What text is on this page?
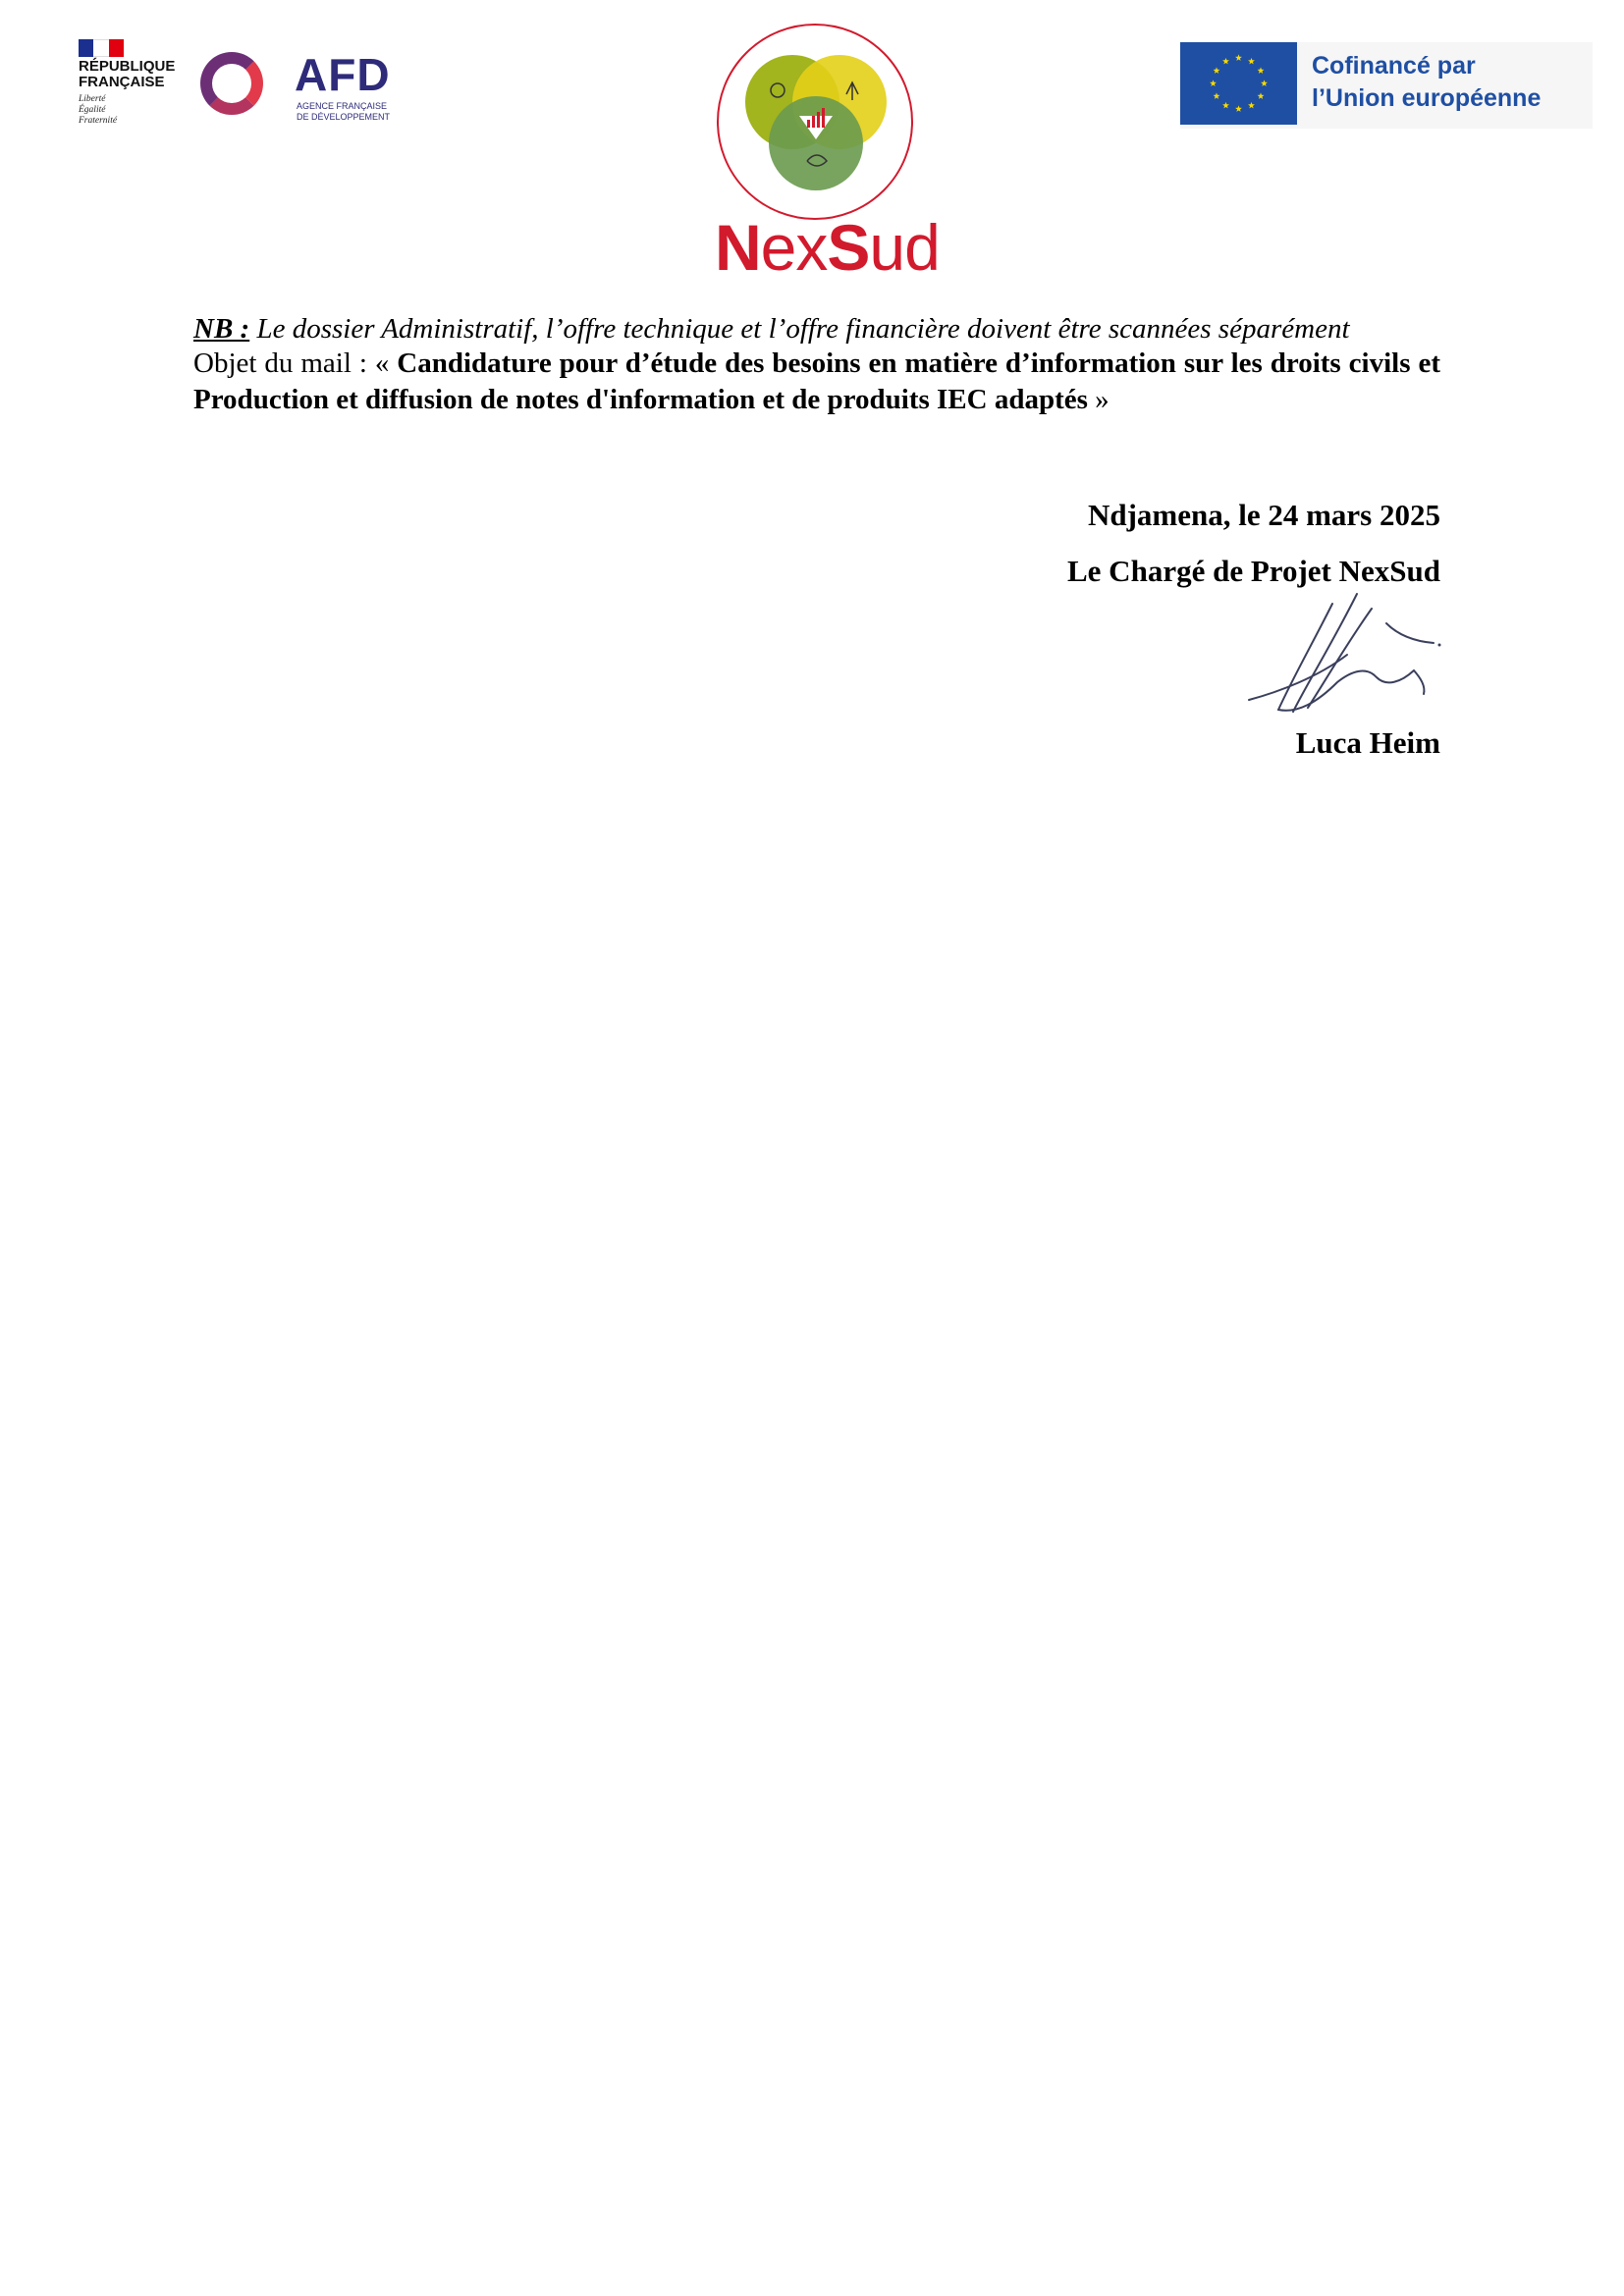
RÉPUBLIQUE
FRANÇAISE
Liberté
Égalité
Fraternité
AFD
AGENCE FRANÇAISE
DE DÉVELOPPEMENT
NexSud
Cofinancé par
l’Union européenne
NB : Le dossier Administratif, l’offre technique et l’offre financière doivent être scannées séparément
Objet du mail : « Candidature pour d’étude des besoins en matière d’information sur les droits civils et Production et diffusion de notes d'information et de produits IEC adaptés »
Ndjamena, le 24 mars 2025
Le Chargé de Projet NexSud
Luca Heim
